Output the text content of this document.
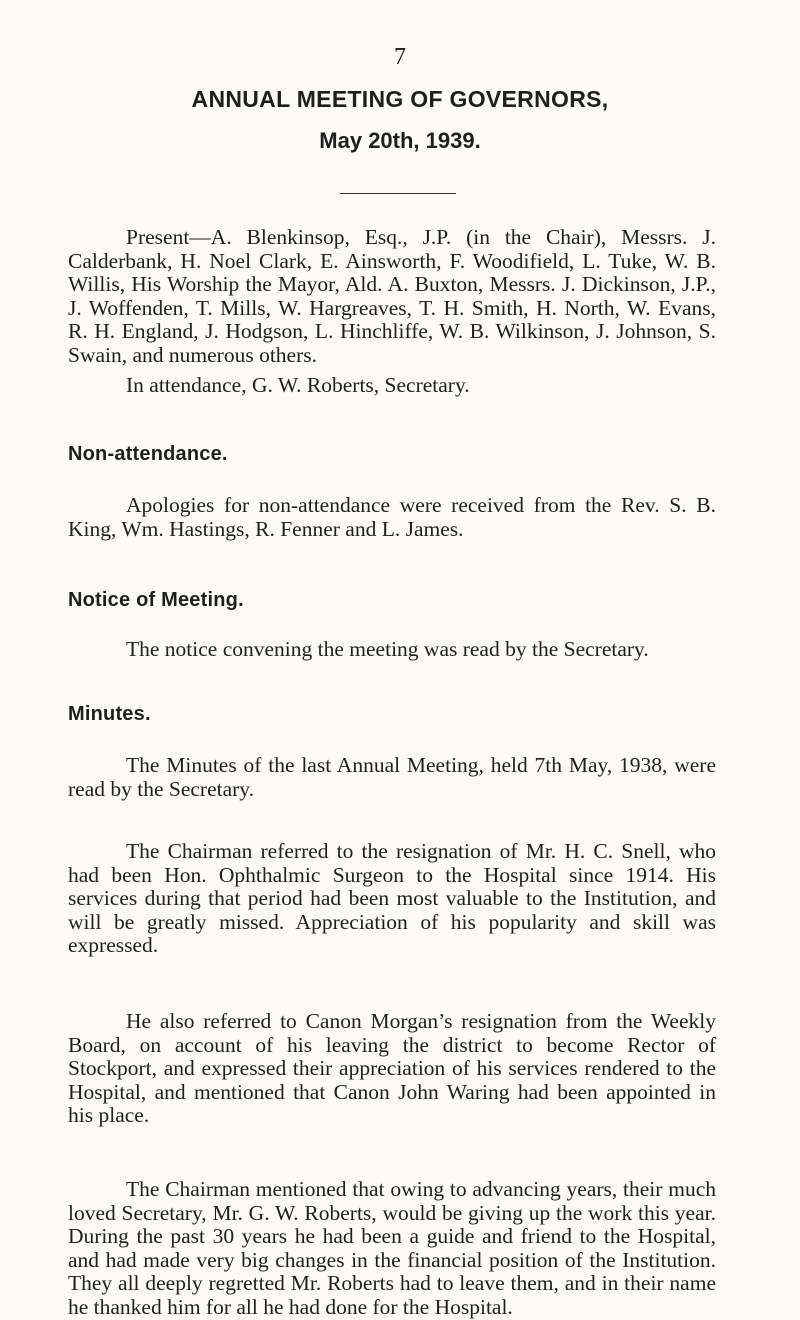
7
ANNUAL MEETING OF GOVERNORS,
May 20th, 1939.

Present—A. Blenkinsop, Esq., J.P. (in the Chair), Messrs. J. Calderbank, H. Noel Clark, E. Ainsworth, F. Woodifield, L. Tuke, W. B. Willis, His Worship the Mayor, Ald. A. Buxton, Messrs. J. Dickinson, J.P., J. Woffenden, T. Mills, W. Hargreaves, T. H. Smith, H. North, W. Evans, R. H. England, J. Hodgson, L. Hinchliffe, W. B. Wilkinson, J. Johnson, S. Swain, and numerous others.

In attendance, G. W. Roberts, Secretary.

Non-attendance.

Apologies for non-attendance were received from the Rev. S. B. King, Wm. Hastings, R. Fenner and L. James.

Notice of Meeting.

The notice convening the meeting was read by the Secretary.

Minutes.

The Minutes of the last Annual Meeting, held 7th May, 1938, were read by the Secretary.

The Chairman referred to the resignation of Mr. H. C. Snell, who had been Hon. Ophthalmic Surgeon to the Hospital since 1914. His services during that period had been most valuable to the Institution, and will be greatly missed. Appreciation of his popularity and skill was expressed.

He also referred to Canon Morgan’s resignation from the Weekly Board, on account of his leaving the district to become Rector of Stockport, and expressed their appreciation of his services rendered to the Hospital, and mentioned that Canon John Waring had been appointed in his place.

The Chairman mentioned that owing to advancing years, their much loved Secretary, Mr. G. W. Roberts, would be giving up the work this year. During the past 30 years he had been a guide and friend to the Hospital, and had made very big changes in the financial position of the Institution. They all deeply regretted Mr. Roberts had to leave them, and in their name he thanked him for all he had done for the Hospital.
